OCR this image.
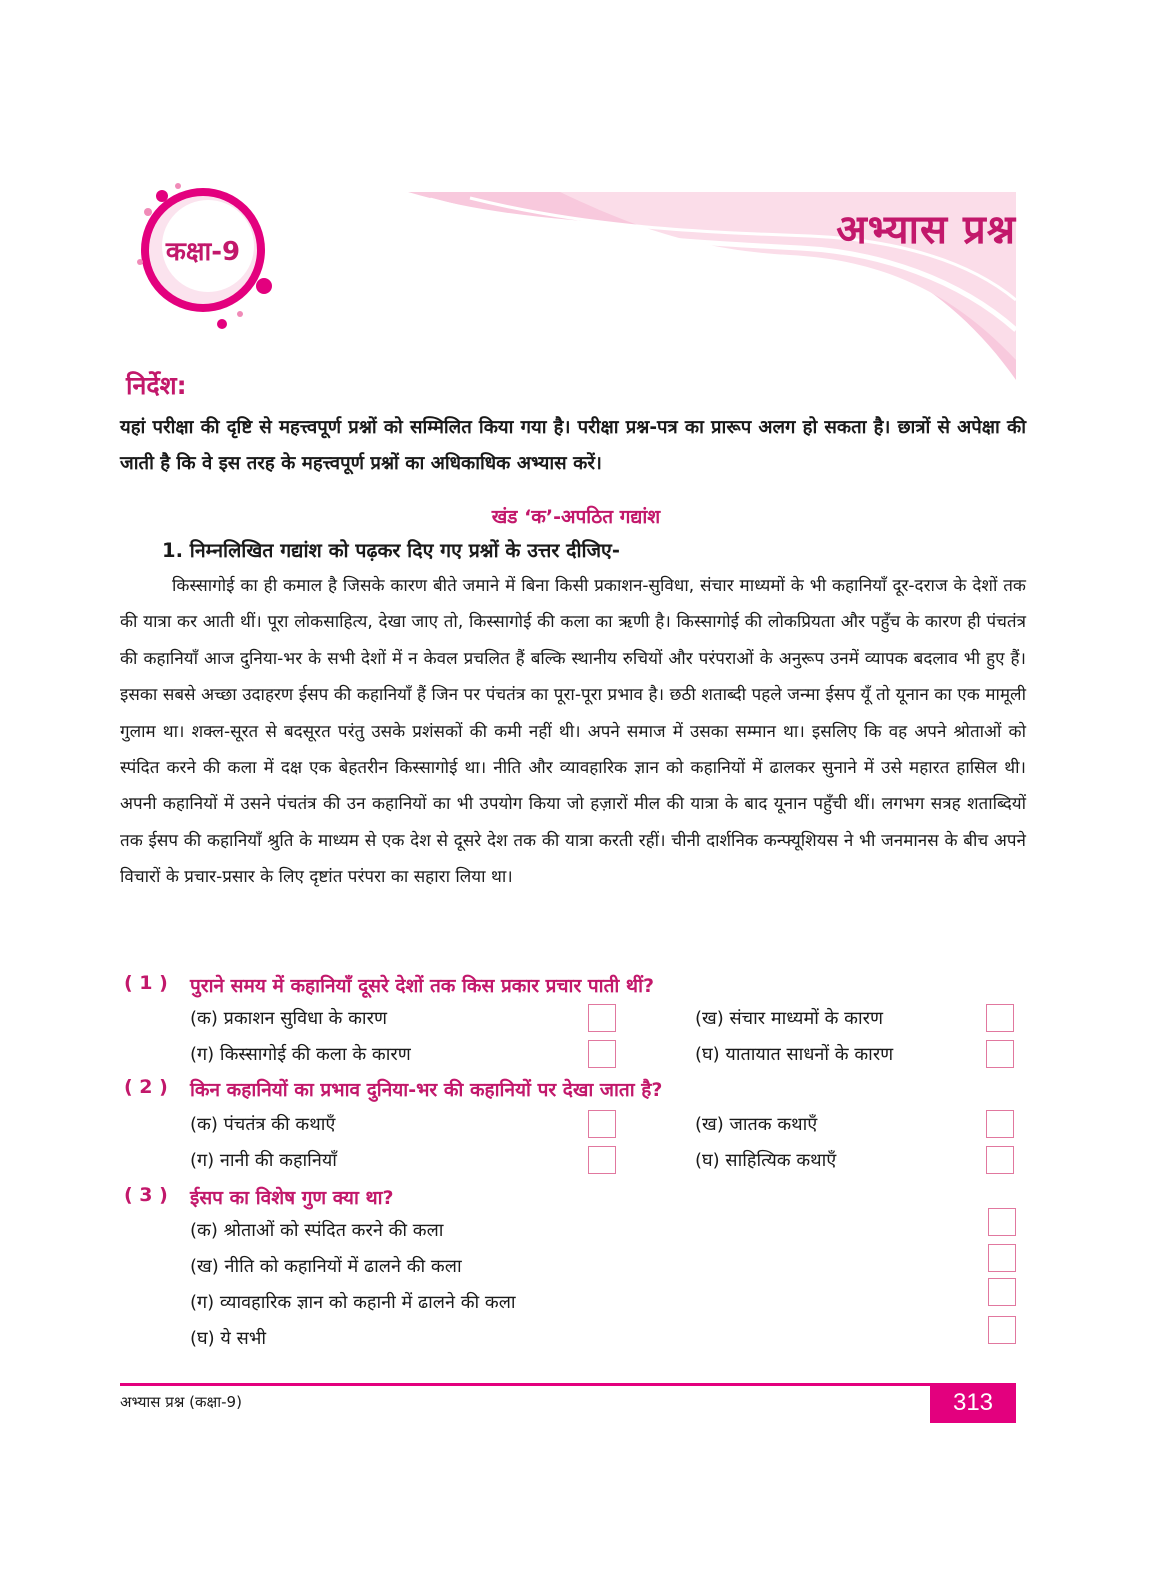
कक्षा-9	अभ्यास प्रश्न
निर्देश:
यहां परीक्षा की दृष्टि से महत्त्वपूर्ण प्रश्नों को सम्मिलित किया गया है। परीक्षा प्रश्न-पत्र का प्रारूप अलग हो सकता है। छात्रों से अपेक्षा की जाती है कि वे इस तरह के महत्त्वपूर्ण प्रश्नों का अधिकाधिक अभ्यास करें।
खंड ‘क’-अपठित गद्यांश
1. निम्नलिखित गद्यांश को पढ़कर दिए गए प्रश्नों के उत्तर दीजिए-

किस्सागोई का ही कमाल है जिसके कारण बीते जमाने में बिना किसी प्रकाशन-सुविधा, संचार माध्यमों के भी कहानियाँ दूर-दराज के देशों तक की यात्रा कर आती थीं। पूरा लोकसाहित्य, देखा जाए तो, किस्सागोई की कला का ऋणी है। किस्सागोई की लोकप्रियता और पहुँच के कारण ही पंचतंत्र की कहानियाँ आज दुनिया-भर के सभी देशों में न केवल प्रचलित हैं बल्कि स्थानीय रुचियों और परंपराओं के अनुरूप उनमें व्यापक बदलाव भी हुए हैं। इसका सबसे अच्छा उदाहरण ईसप की कहानियाँ हैं जिन पर पंचतंत्र का पूरा-पूरा प्रभाव है। छठी शताब्दी पहले जन्मा ईसप यूँ तो यूनान का एक मामूली गुलाम था। शक्ल-सूरत से बदसूरत परंतु उसके प्रशंसकों की कमी नहीं थी। अपने समाज में उसका सम्मान था। इसलिए कि वह अपने श्रोताओं को स्पंदित करने की कला में दक्ष एक बेहतरीन किस्सागोई था। नीति और व्यावहारिक ज्ञान को कहानियों में ढालकर सुनाने में उसे महारत हासिल थी। अपनी कहानियों में उसने पंचतंत्र की उन कहानियों का भी उपयोग किया जो हज़ारों मील की यात्रा के बाद यूनान पहुँची थीं। लगभग सत्रह शताब्दियों तक ईसप की कहानियाँ श्रुति के माध्यम से एक देश से दूसरे देश तक की यात्रा करती रहीं। चीनी दार्शनिक कन्फ्यूशियस ने भी जनमानस के बीच अपने विचारों के प्रचार-प्रसार के लिए दृष्टांत परंपरा का सहारा लिया था।

( 1 ) पुराने समय में कहानियाँ दूसरे देशों तक किस प्रकार प्रचार पाती थीं?
(क) प्रकाशन सुविधा के कारण	(ख) संचार माध्यमों के कारण
(ग) किस्सागोई की कला के कारण	(घ) यातायात साधनों के कारण
( 2 ) किन कहानियों का प्रभाव दुनिया-भर की कहानियों पर देखा जाता है?
(क) पंचतंत्र की कथाएँ	(ख) जातक कथाएँ
(ग) नानी की कहानियाँ	(घ) साहित्यिक कथाएँ
( 3 ) ईसप का विशेष गुण क्या था?
(क) श्रोताओं को स्पंदित करने की कला
(ख) नीति को कहानियों में ढालने की कला
(ग) व्यावहारिक ज्ञान को कहानी में ढालने की कला
(घ) ये सभी
अभ्यास प्रश्न (कक्षा-9)	313
